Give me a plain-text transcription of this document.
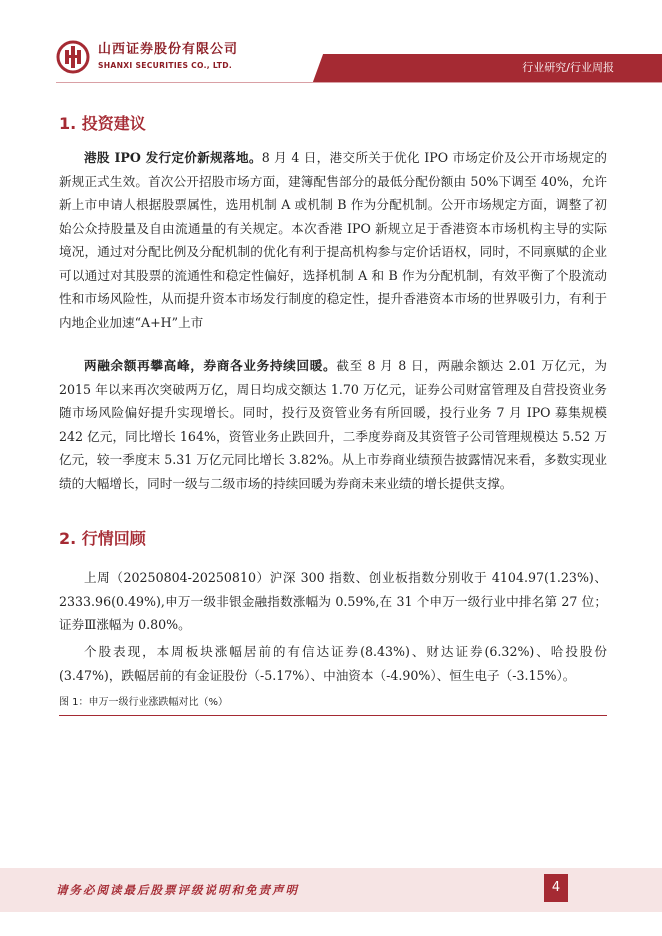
山西证券股份有限公司
SHANXI SECURITIES CO., LTD.	行业研究/行业周报
1. 投资建议

港股 IPO 发行定价新规落地。8 月 4 日，港交所关于优化 IPO 市场定价及公开市场规定的新规正式生效。首次公开招股市场方面，建簿配售部分的最低分配份额由 50%下调至 40%，允许新上市申请人根据股票属性，选用机制 A 或机制 B 作为分配机制。公开市场规定方面，调整了初始公众持股量及自由流通量的有关规定。本次香港 IPO 新规立足于香港资本市场机构主导的实际境况，通过对分配比例及分配机制的优化有利于提高机构参与定价话语权，同时，不同禀赋的企业可以通过对其股票的流通性和稳定性偏好，选择机制 A 和 B 作为分配机制，有效平衡了个股流动性和市场风险性，从而提升资本市场发行制度的稳定性，提升香港资本市场的世界吸引力，有利于内地企业加速“A+H”上市

两融余额再攀高峰，券商各业务持续回暖。截至 8 月 8 日，两融余额达 2.01 万亿元，为 2015 年以来再次突破两万亿，周日均成交额达 1.70 万亿元，证券公司财富管理及自营投资业务随市场风险偏好提升实现增长。同时，投行及资管业务有所回暖，投行业务 7 月 IPO 募集规模 242 亿元，同比增长 164%，资管业务止跌回升，二季度券商及其资管子公司管理规模达 5.52 万亿元，较一季度末 5.31 万亿元同比增长 3.82%。从上市券商业绩预告披露情况来看，多数实现业绩的大幅增长，同时一级与二级市场的持续回暖为券商未来业绩的增长提供支撑。

2. 行情回顾

上周（20250804-20250810）沪深 300 指数、创业板指数分别收于 4104.97(1.23%)、2333.96(0.49%),申万一级非银金融指数涨幅为 0.59%,在 31 个申万一级行业中排名第 27 位；证券Ⅲ涨幅为 0.80%。

个股表现，本周板块涨幅居前的有信达证券(8.43%)、财达证券(6.32%)、哈投股份(3.47%)，跌幅居前的有金证股份（-5.17%）、中油资本（-4.90%）、恒生电子（-3.15%）。

图 1：申万一级行业涨跌幅对比（%）
请务必阅读最后股票评级说明和免责声明	4
